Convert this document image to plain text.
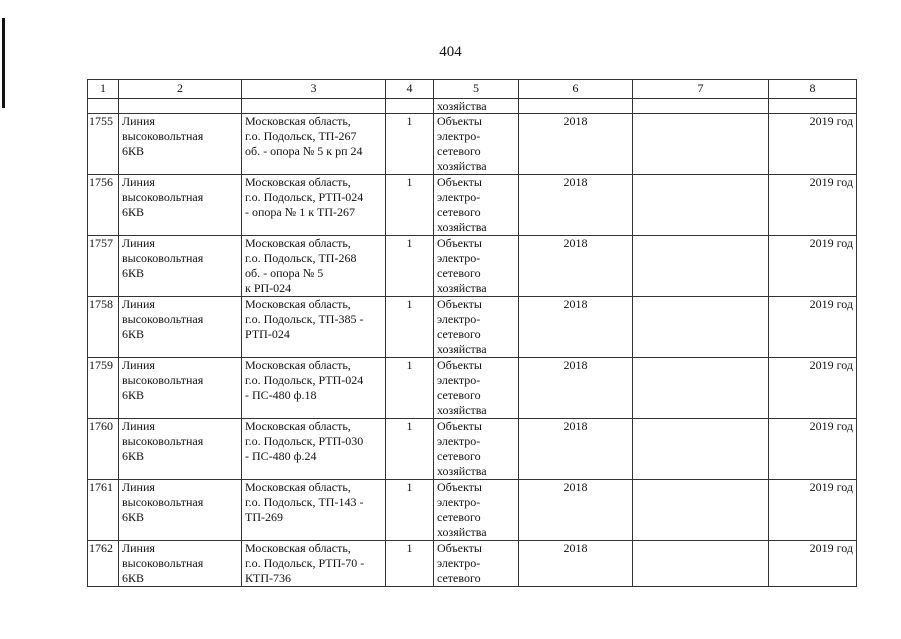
404
1	2	3	4	5	6	7	8
				хозяйства			
1755	Линия
высоковольтная
6КВ	Московская область,
г.о. Подольск, ТП-267
об. - опора № 5 к рп 24	1	Объекты
электро-
сетевого
хозяйства	2018		2019 год
1756	Линия
высоковольтная
6КВ	Московская область,
г.о. Подольск, РТП-024
- опора № 1 к ТП-267	1	Объекты
электро-
сетевого
хозяйства	2018		2019 год
1757	Линия
высоковольтная
6КВ	Московская область,
г.о. Подольск, ТП-268
об. - опора № 5
к РП-024	1	Объекты
электро-
сетевого
хозяйства	2018		2019 год
1758	Линия
высоковольтная
6КВ	Московская область,
г.о. Подольск, ТП-385 -
РТП-024	1	Объекты
электро-
сетевого
хозяйства	2018		2019 год
1759	Линия
высоковольтная
6КВ	Московская область,
г.о. Подольск, РТП-024
- ПС-480 ф.18	1	Объекты
электро-
сетевого
хозяйства	2018		2019 год
1760	Линия
высоковольтная
6КВ	Московская область,
г.о. Подольск, РТП-030
- ПС-480 ф.24	1	Объекты
электро-
сетевого
хозяйства	2018		2019 год
1761	Линия
высоковольтная
6КВ	Московская область,
г.о. Подольск, ТП-143 -
ТП-269	1	Объекты
электро-
сетевого
хозяйства	2018		2019 год
1762	Линия
высоковольтная
6КВ	Московская область,
г.о. Подольск, РТП-70 -
КТП-736	1	Объекты
электро-
сетевого	2018		2019 год
